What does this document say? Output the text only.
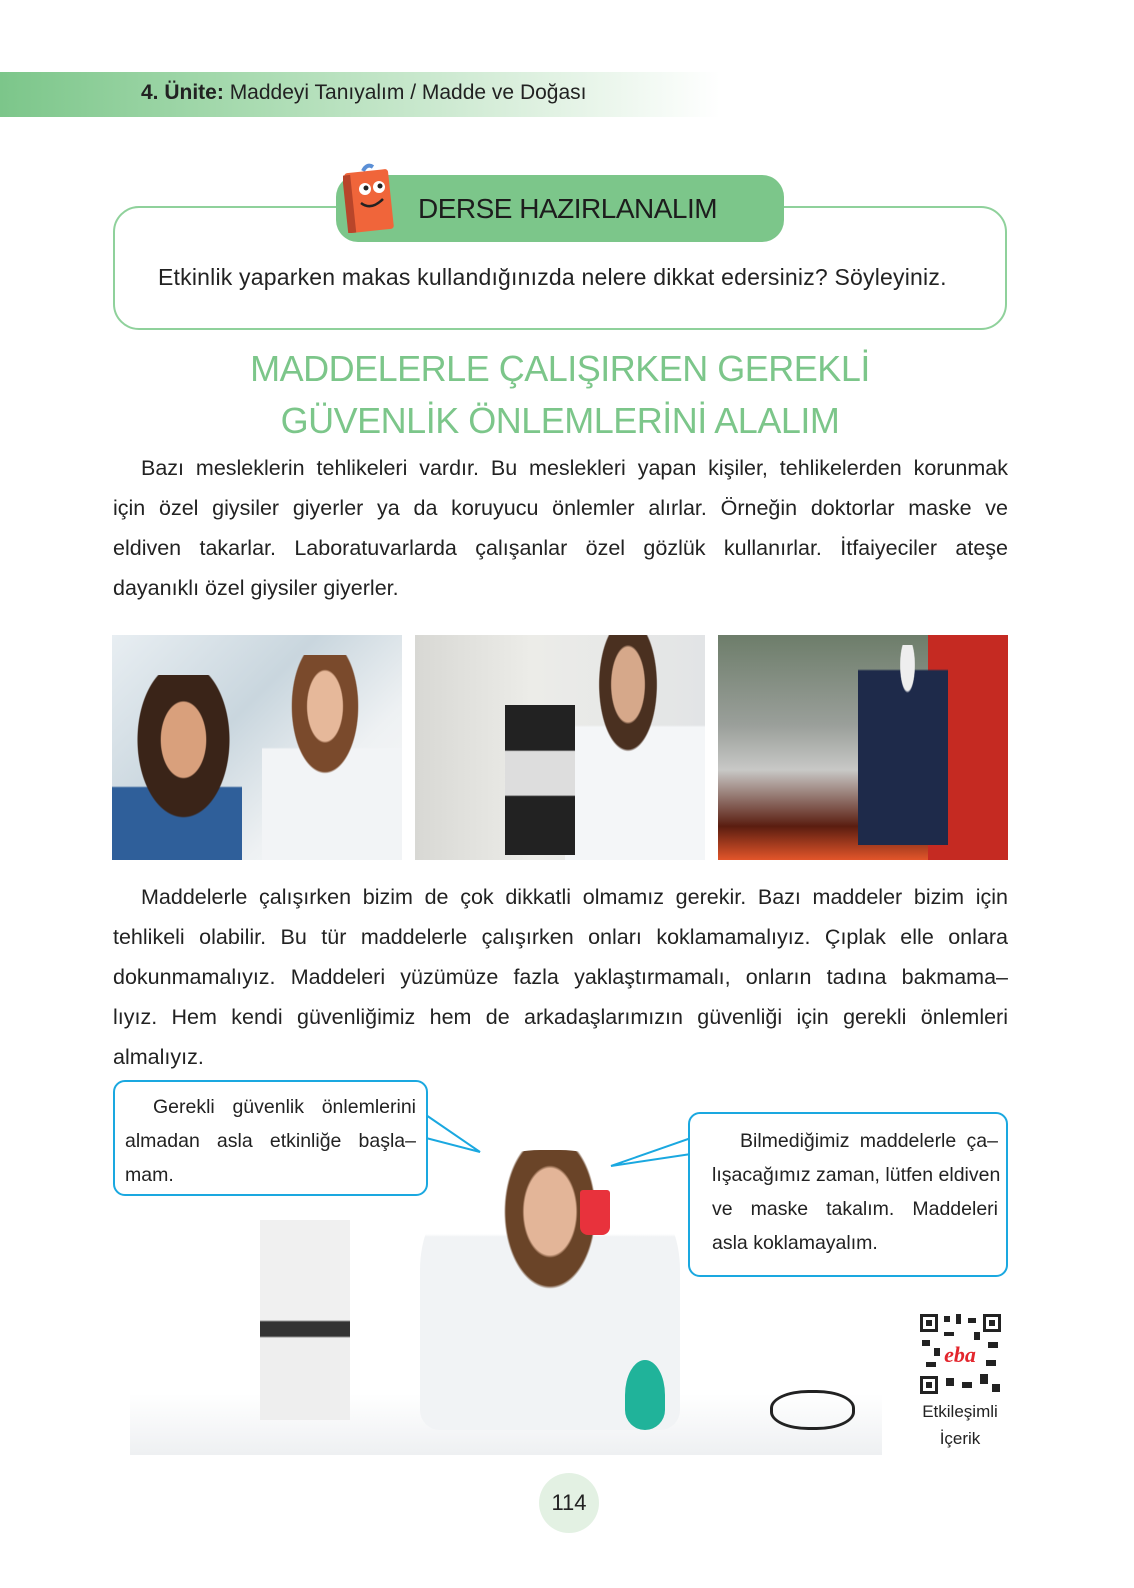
4. Ünite: Maddeyi Tanıyalım / Madde ve Doğası
DERSE HAZIRLANALIM
Etkinlik yaparken makas kullandığınızda nelere dikkat edersiniz? Söyleyiniz.
MADDELERLE ÇALIŞIRKEN GEREKLİ
GÜVENLİK ÖNLEMLERİNİ ALALIM
Bazı mesleklerin tehlikeleri vardır. Bu meslekleri yapan kişiler, tehlikelerden korunmak
için özel giysiler giyerler ya da koruyucu önlemler alırlar. Örneğin doktorlar maske ve
eldiven takarlar. Laboratuvarlarda çalışanlar özel gözlük kullanırlar. İtfaiyeciler ateşe
dayanıklı özel giysiler giyerler.
Maddelerle çalışırken bizim de çok dikkatli olmamız gerekir. Bazı maddeler bizim için
tehlikeli olabilir. Bu tür maddelerle çalışırken onları koklamamalıyız. Çıplak elle onlara
dokunmamalıyız. Maddeleri yüzümüze fazla yaklaştırmamalı, onların tadına bakmama–
lıyız. Hem kendi güvenliğimiz hem de arkadaşlarımızın güvenliği için gerekli önlemleri
almalıyız.
Gerekli güvenlik önlemlerini
almadan asla etkinliğe başla–
mam.
Bilmediğimiz maddelerle ça–
lışacağımız zaman, lütfen eldiven
ve maske takalım. Maddeleri
asla koklamayalım.
eba
Etkileşimli
İçerik
114
